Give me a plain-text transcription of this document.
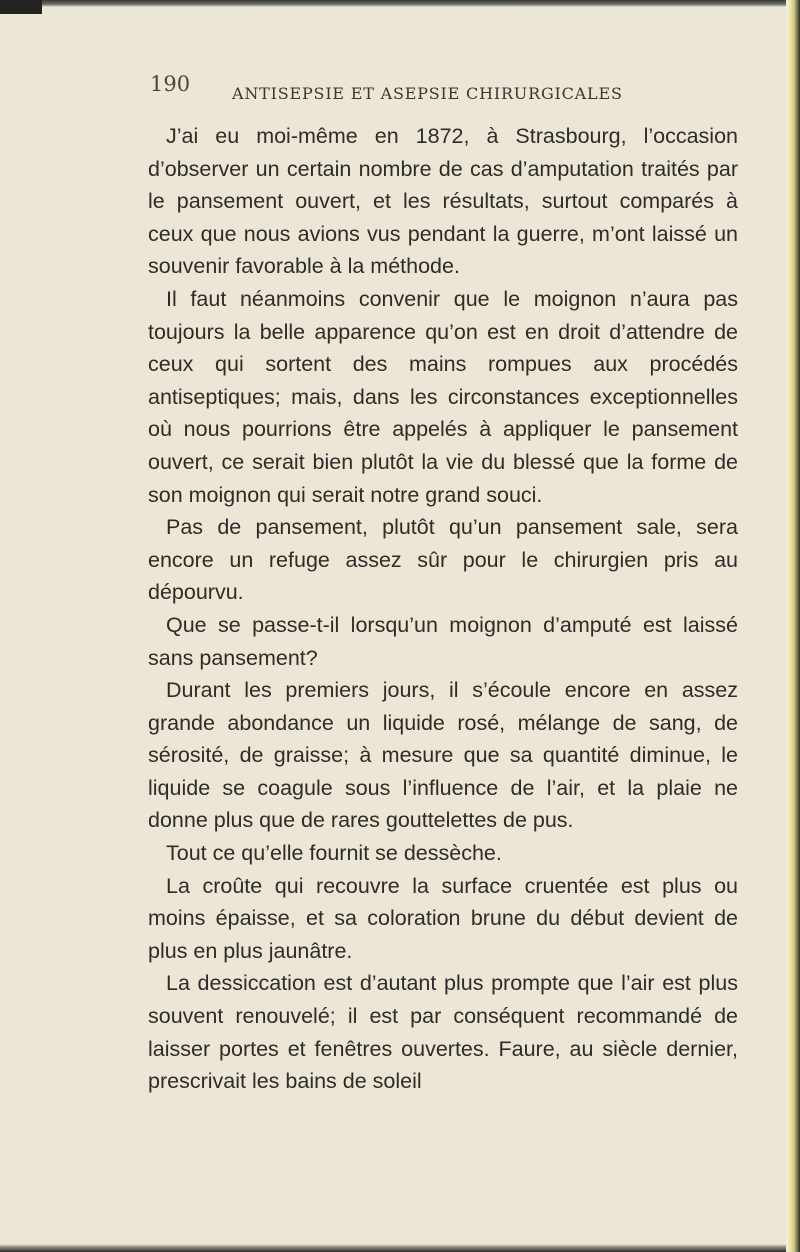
190	ANTISEPSIE ET ASEPSIE CHIRURGICALES

J’ai eu moi-même en 1872, à Strasbourg, l’occasion d’observer un certain nombre de cas d’amputation traités par le pansement ouvert, et les résultats, surtout comparés à ceux que nous avions vus pendant la guerre, m’ont laissé un souvenir favorable à la méthode.

Il faut néanmoins convenir que le moignon n’aura pas toujours la belle apparence qu’on est en droit d’attendre de ceux qui sortent des mains rompues aux procédés antiseptiques; mais, dans les circonstances exceptionnelles où nous pourrions être appelés à appliquer le pansement ouvert, ce serait bien plutôt la vie du blessé que la forme de son moignon qui serait notre grand souci.

Pas de pansement, plutôt qu’un pansement sale, sera encore un refuge assez sûr pour le chirurgien pris au dépourvu.

Que se passe-t-il lorsqu’un moignon d’amputé est laissé sans pansement?

Durant les premiers jours, il s’écoule encore en assez grande abondance un liquide rosé, mélange de sang, de sérosité, de graisse; à mesure que sa quantité diminue, le liquide se coagule sous l’influence de l’air, et la plaie ne donne plus que de rares gouttelettes de pus.

Tout ce qu’elle fournit se dessèche.

La croûte qui recouvre la surface cruentée est plus ou moins épaisse, et sa coloration brune du début devient de plus en plus jaunâtre.

La dessiccation est d’autant plus prompte que l’air est plus souvent renouvelé; il est par conséquent recommandé de laisser portes et fenêtres ouvertes. Faure, au siècle dernier, prescrivait les bains de soleil
